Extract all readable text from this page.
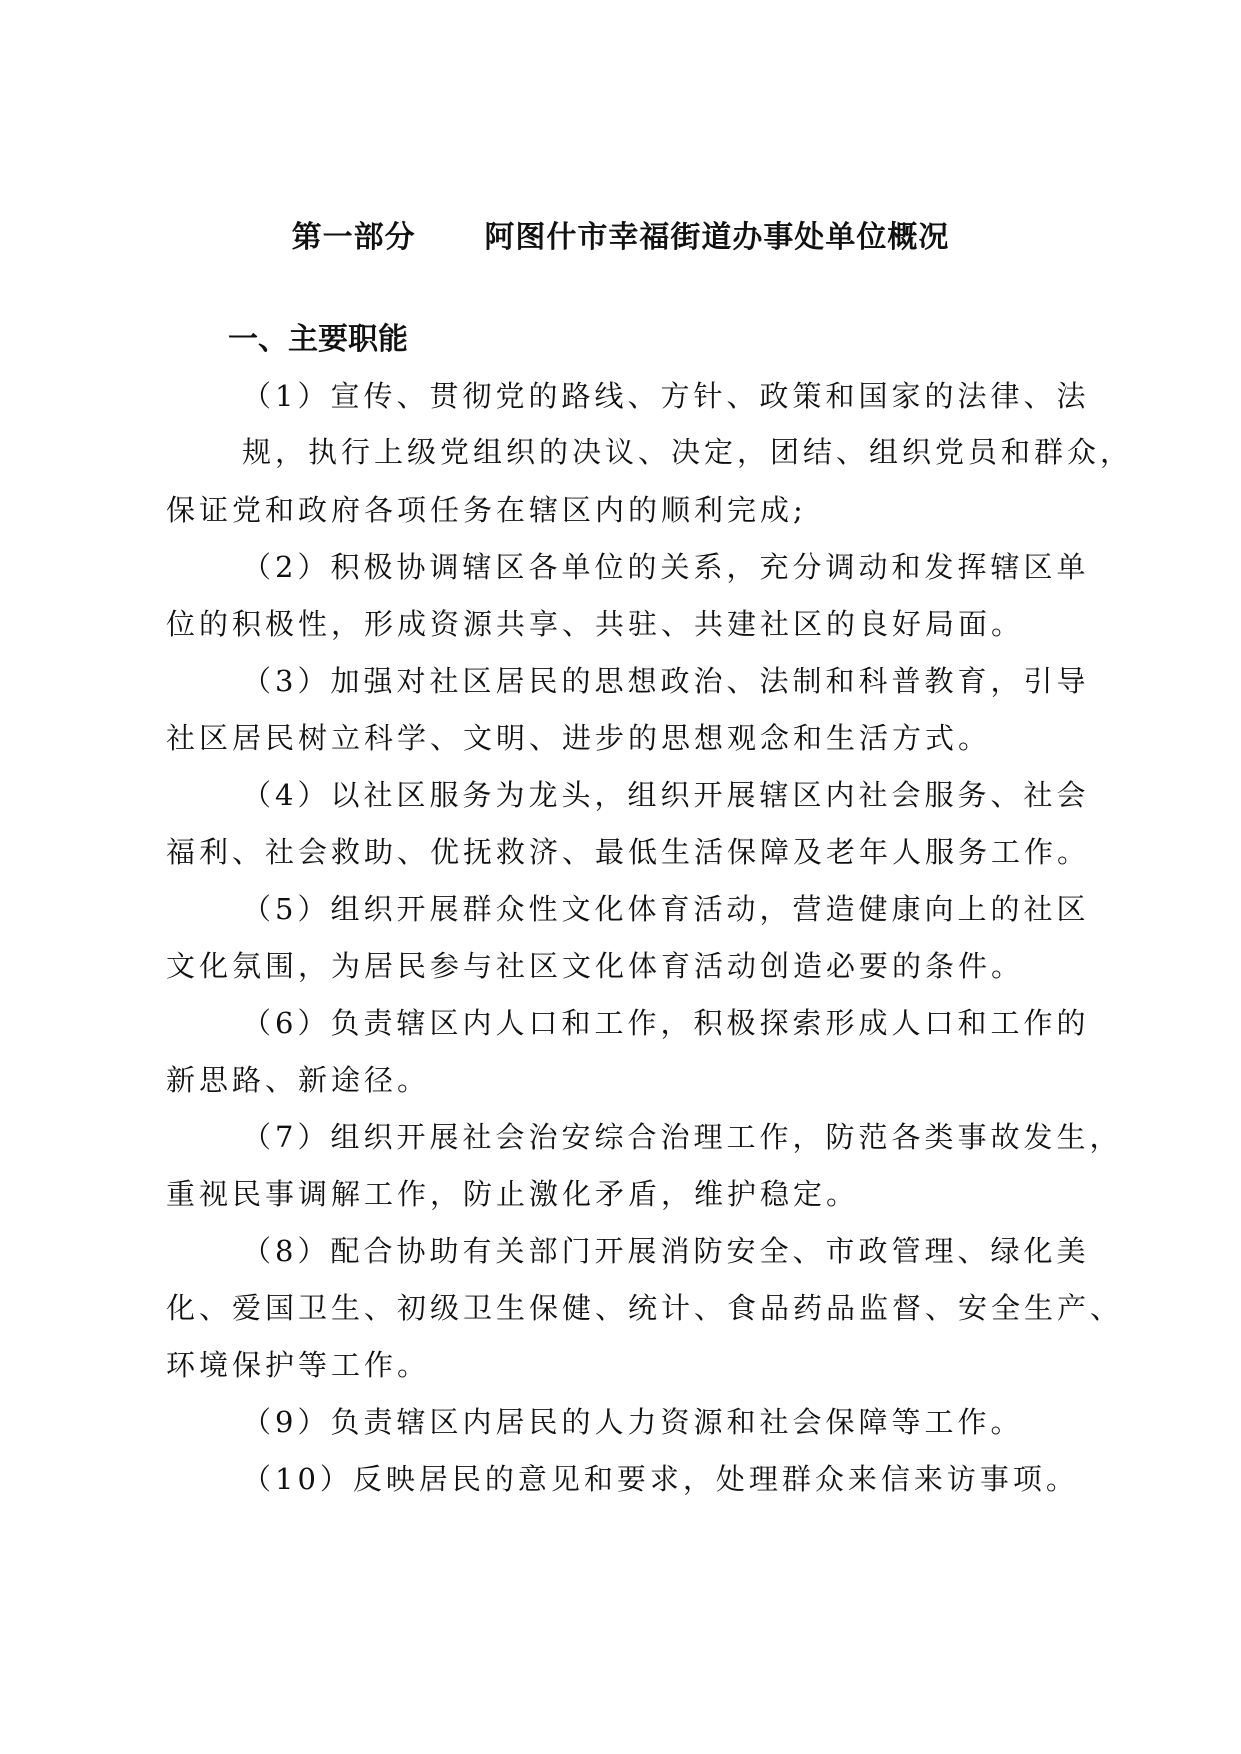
第一部分      阿图什市幸福街道办事处单位概况
一、主要职能
（1）宣传、贯彻党的路线、方针、政策和国家的法律、法
规，执行上级党组织的决议、决定，团结、组织党员和群众，
保证党和政府各项任务在辖区内的顺利完成;
（2）积极协调辖区各单位的关系，充分调动和发挥辖区单
位的积极性，形成资源共享、共驻、共建社区的良好局面。
（3）加强对社区居民的思想政治、法制和科普教育，引导
社区居民树立科学、文明、进步的思想观念和生活方式。
（4）以社区服务为龙头，组织开展辖区内社会服务、社会
福利、社会救助、优抚救济、最低生活保障及老年人服务工作。
（5）组织开展群众性文化体育活动，营造健康向上的社区
文化氛围，为居民参与社区文化体育活动创造必要的条件。
（6）负责辖区内人口和工作，积极探索形成人口和工作的
新思路、新途径。
（7）组织开展社会治安综合治理工作，防范各类事故发生，
重视民事调解工作，防止激化矛盾，维护稳定。
（8）配合协助有关部门开展消防安全、市政管理、绿化美
化、爱国卫生、初级卫生保健、统计、食品药品监督、安全生产、
环境保护等工作。
（9）负责辖区内居民的人力资源和社会保障等工作。
（10）反映居民的意见和要求，处理群众来信来访事项。
